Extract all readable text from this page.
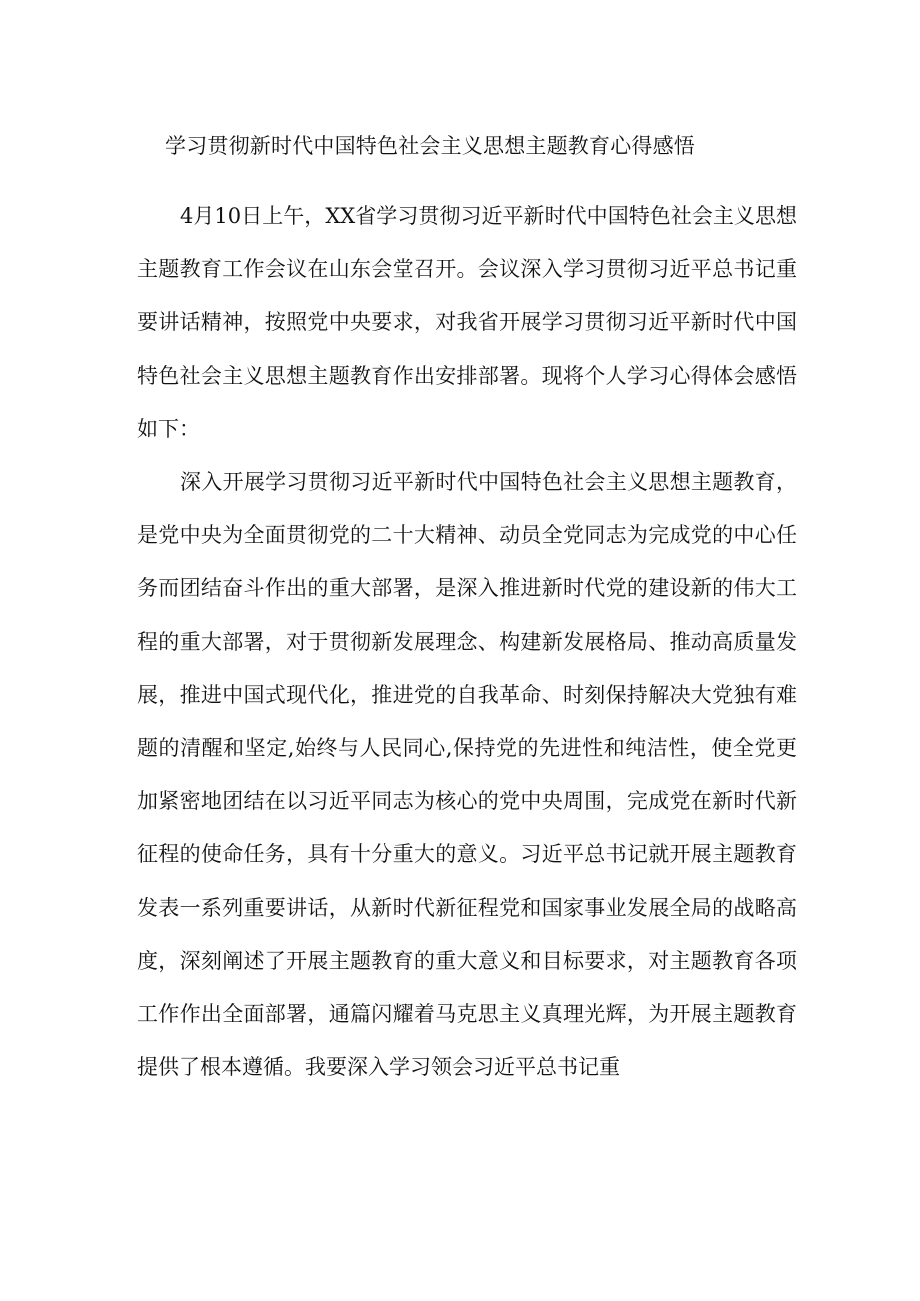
学习贯彻新时代中国特色社会主义思想主题教育心得感悟

4月10日上午，XX省学习贯彻习近平新时代中国特色社会主义思想主题教育工作会议在山东会堂召开。会议深入学习贯彻习近平总书记重要讲话精神，按照党中央要求，对我省开展学习贯彻习近平新时代中国特色社会主义思想主题教育作出安排部署。现将个人学习心得体会感悟如下：

深入开展学习贯彻习近平新时代中国特色社会主义思想主题教育，是党中央为全面贯彻党的二十大精神、动员全党同志为完成党的中心任务而团结奋斗作出的重大部署，是深入推进新时代党的建设新的伟大工程的重大部署，对于贯彻新发展理念、构建新发展格局、推动高质量发展，推进中国式现代化，推进党的自我革命、时刻保持解决大党独有难题的清醒和坚定,始终与人民同心,保持党的先进性和纯洁性，使全党更加紧密地团结在以习近平同志为核心的党中央周围，完成党在新时代新征程的使命任务，具有十分重大的意义。习近平总书记就开展主题教育发表一系列重要讲话，从新时代新征程党和国家事业发展全局的战略高度，深刻阐述了开展主题教育的重大意义和目标要求，对主题教育各项工作作出全面部署，通篇闪耀着马克思主义真理光辉，为开展主题教育提供了根本遵循。我要深入学习领会习近平总书记重
